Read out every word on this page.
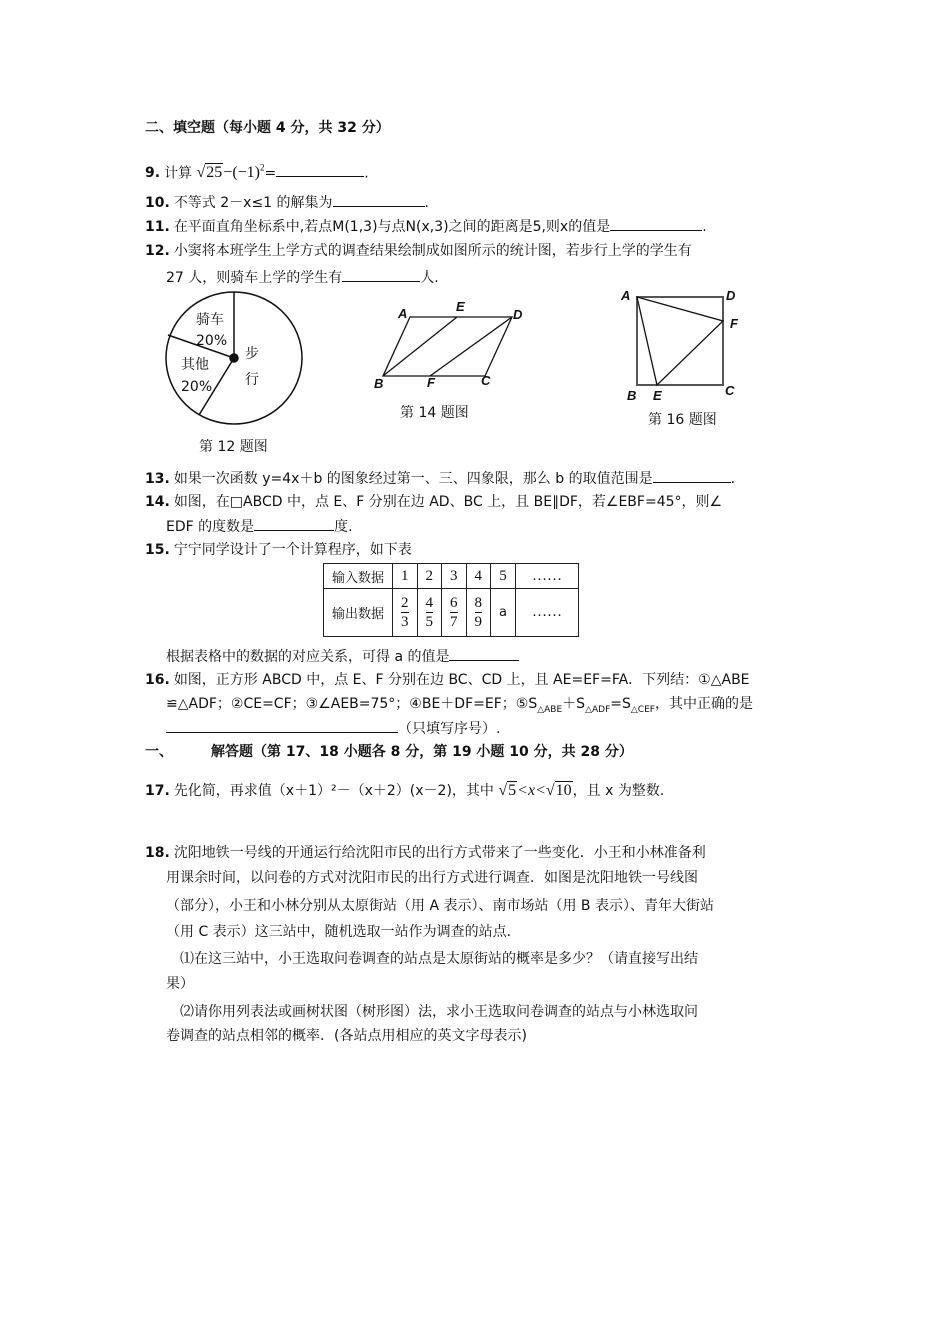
二、填空题（每小题 4 分，共 32 分）
9. 计算 $√25-(-1)^2=$	.
10. 不等式 2－x≤1 的解集为	.
11. 在平面直角坐标系中,若点M(1,3)与点N(x,3)之间的距离是5,则x的值是	.
12. 小窦将本班学生上学方式的调查结果绘制成如图所示的统计图，若步行上学的学生有
27 人，则骑车上学的学生有	人.
骑车
20%
其他
20%
步
行
第 12 题图
A	E
D
B	F	C
第 14 题图
A	D
F
B E	C
第 16 题图
13. 如果一次函数 y=4x＋b 的图象经过第一、三、四象限，那么 b 的取值范围是	.
14. 如图，在□ABCD 中，点 E、F 分别在边 AD、BC 上，且 BE∥DF，若∠EBF=45°，则∠
EDF 的度数是	度.
15. 宁宁同学设计了一个计算程序，如下表
输入数据	1	2	3	4	5	……
输出数据	$\frac{2}{3}$	$\frac{4}{5}$	$\frac{6}{7}$	$\frac{8}{9}$	a	……
根据表格中的数据的对应关系，可得 a 的值是
16. 如图，正方形 ABCD 中，点 E、F 分别在边 BC、CD 上，且 AE=EF=FA．下列结：①△ABE
≌△ADF；②CE=CF；③∠AEB=75°；④BE＋DF=EF；$⑤S_{\triangle ABE}+S_{\triangle ADF}=S_{\triangle CEF}$，其中正确的是
（只填写序号）.
一、	解答题（第 17、18 小题各 8 分，第 19 小题 10 分，共 28 分）
17. 先化简，再求值（x＋1）²－（x＋2）(x－2)，其中 √5<x<√10，且 x 为整数.
18. 沈阳地铁一号线的开通运行给沈阳市民的出行方式带来了一些变化．小王和小林准备利
用课余时间，以问卷的方式对沈阳市民的出行方式进行调查．如图是沈阳地铁一号线图
（部分），小王和小林分别从太原街站（用 A 表示）、南市场站（用 B 表示）、青年大街站
（用 C 表示）这三站中，随机选取一站作为调查的站点．
⑴在这三站中，小王选取问卷调查的站点是太原街站的概率是多少？（请直接写出结
果）
⑵请你用列表法或画树状图（树形图）法，求小王选取问卷调查的站点与小林选取问
卷调查的站点相邻的概率．(各站点用相应的英文字母表示)
